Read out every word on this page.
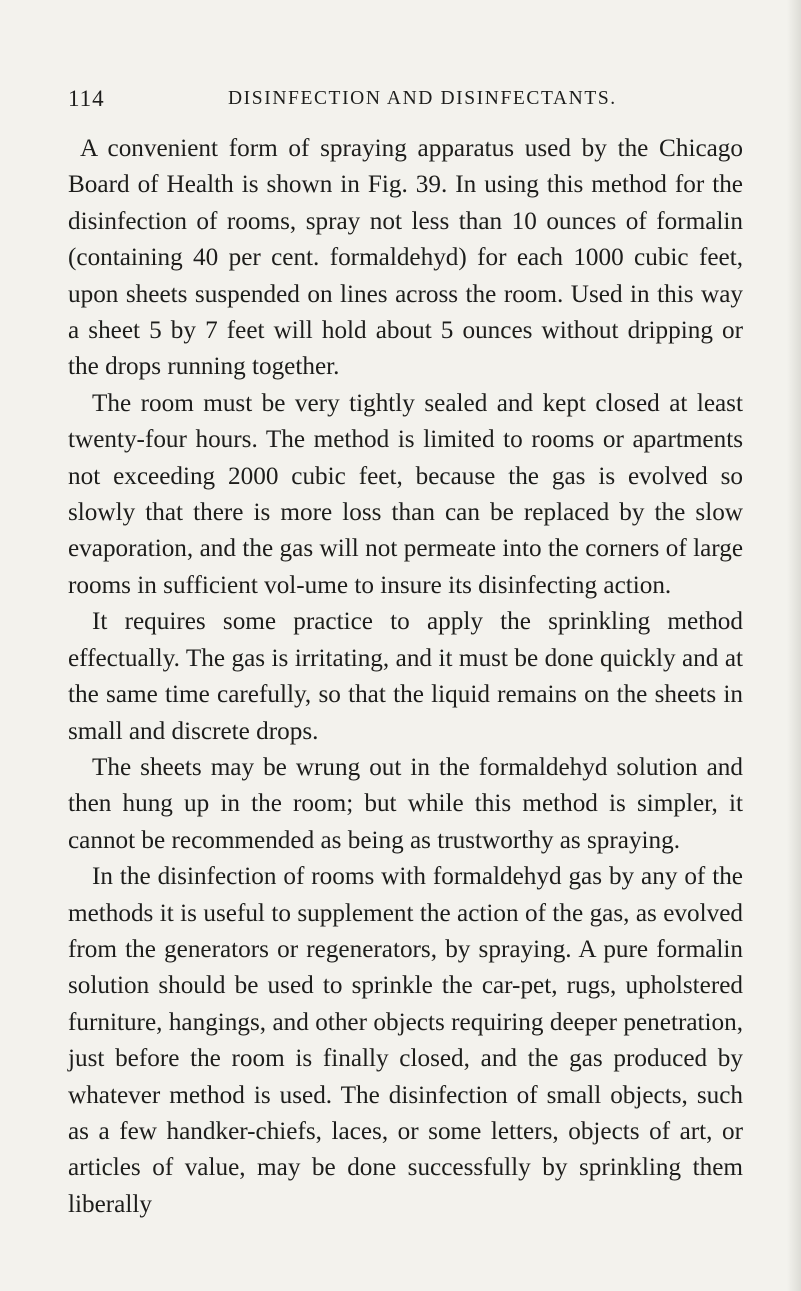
114	DISINFECTION AND DISINFECTANTS.

A convenient form of spraying apparatus used by the Chicago Board of Health is shown in Fig. 39. In using this method for the disinfection of rooms, spray not less than 10 ounces of formalin (containing 40 per cent. formaldehyd) for each 1000 cubic feet, upon sheets suspended on lines across the room. Used in this way a sheet 5 by 7 feet will hold about 5 ounces without dripping or the drops running together.

The room must be very tightly sealed and kept closed at least twenty-four hours. The method is limited to rooms or apartments not exceeding 2000 cubic feet, because the gas is evolved so slowly that there is more loss than can be replaced by the slow evaporation, and the gas will not permeate into the corners of large rooms in sufficient vol-ume to insure its disinfecting action.

It requires some practice to apply the sprinkling method effectually. The gas is irritating, and it must be done quickly and at the same time carefully, so that the liquid remains on the sheets in small and discrete drops.

The sheets may be wrung out in the formaldehyd solution and then hung up in the room; but while this method is simpler, it cannot be recommended as being as trustworthy as spraying.

In the disinfection of rooms with formaldehyd gas by any of the methods it is useful to supplement the action of the gas, as evolved from the generators or regenerators, by spraying. A pure formalin solution should be used to sprinkle the car-pet, rugs, upholstered furniture, hangings, and other objects requiring deeper penetration, just before the room is finally closed, and the gas produced by whatever method is used. The disinfection of small objects, such as a few handker-chiefs, laces, or some letters, objects of art, or articles of value, may be done successfully by sprinkling them liberally
